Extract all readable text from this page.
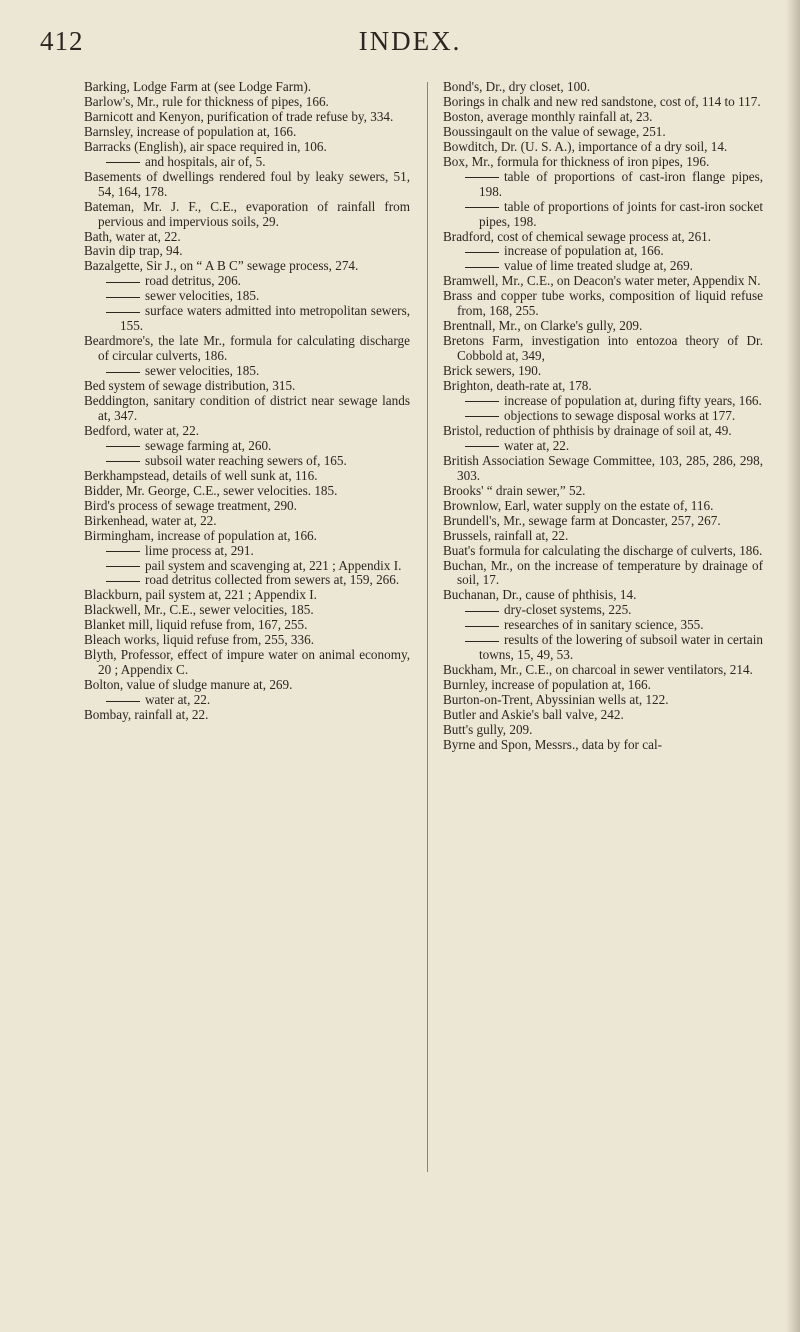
412	INDEX.

Barking, Lodge Farm at (see Lodge Farm).

Barlow's, Mr., rule for thickness of pipes, 166.

Barnicott and Kenyon, purification of trade refuse by, 334.

Barnsley, increase of population at, 166.

Barracks (English), air space required in, 106.

and hospitals, air of, 5.

Basements of dwellings rendered foul by leaky sewers, 51, 54, 164, 178.

Bateman, Mr. J. F., C.E., evaporation of rainfall from pervious and impervious soils, 29.

Bath, water at, 22.

Bavin dip trap, 94.

Bazalgette, Sir J., on “ A B C” sewage process, 274.

road detritus, 206.

sewer velocities, 185.

surface waters admitted into metropolitan sewers, 155.

Beardmore's, the late Mr., formula for calculating discharge of circular culverts, 186.

sewer velocities, 185.

Bed system of sewage distribution, 315.

Beddington, sanitary condition of district near sewage lands at, 347.

Bedford, water at, 22.

sewage farming at, 260.

subsoil water reaching sewers of, 165.

Berkhampstead, details of well sunk at, 116.

Bidder, Mr. George, C.E., sewer velocities. 185.

Bird's process of sewage treatment, 290.

Birkenhead, water at, 22.

Birmingham, increase of population at, 166.

lime process at, 291.

pail system and scavenging at, 221 ; Appendix I.

road detritus collected from sewers at, 159, 266.

Blackburn, pail system at, 221 ; Appendix I.

Blackwell, Mr., C.E., sewer velocities, 185.

Blanket mill, liquid refuse from, 167, 255.

Bleach works, liquid refuse from, 255, 336.

Blyth, Professor, effect of impure water on animal economy, 20 ; Appendix C.

Bolton, value of sludge manure at, 269.

water at, 22.

Bombay, rainfall at, 22.

Bond's, Dr., dry closet, 100.

Borings in chalk and new red sandstone, cost of, 114 to 117.

Boston, average monthly rainfall at, 23.

Boussingault on the value of sewage, 251.

Bowditch, Dr. (U. S. A.), importance of a dry soil, 14.

Box, Mr., formula for thickness of iron pipes, 196.

table of proportions of cast-iron flange pipes, 198.

table of proportions of joints for cast-iron socket pipes, 198.

Bradford, cost of chemical sewage process at, 261.

increase of population at, 166.

value of lime treated sludge at, 269.

Bramwell, Mr., C.E., on Deacon's water meter, Appendix N.

Brass and copper tube works, composition of liquid refuse from, 168, 255.

Brentnall, Mr., on Clarke's gully, 209.

Bretons Farm, investigation into entozoa theory of Dr. Cobbold at, 349,

Brick sewers, 190.

Brighton, death-rate at, 178.

increase of population at, during fifty years, 166.

objections to sewage disposal works at 177.

Bristol, reduction of phthisis by drainage of soil at, 49.

water at, 22.

British Association Sewage Committee, 103, 285, 286, 298, 303.

Brooks' “ drain sewer,” 52.

Brownlow, Earl, water supply on the estate of, 116.

Brundell's, Mr., sewage farm at Doncaster, 257, 267.

Brussels, rainfall at, 22.

Buat's formula for calculating the discharge of culverts, 186.

Buchan, Mr., on the increase of temperature by drainage of soil, 17.

Buchanan, Dr., cause of phthisis, 14.

dry-closet systems, 225.

researches of in sanitary science, 355.

results of the lowering of subsoil water in certain towns, 15, 49, 53.

Buckham, Mr., C.E., on charcoal in sewer ventilators, 214.

Burnley, increase of population at, 166.

Burton-on-Trent, Abyssinian wells at, 122.

Butler and Askie's ball valve, 242.

Butt's gully, 209.

Byrne and Spon, Messrs., data by for cal-
